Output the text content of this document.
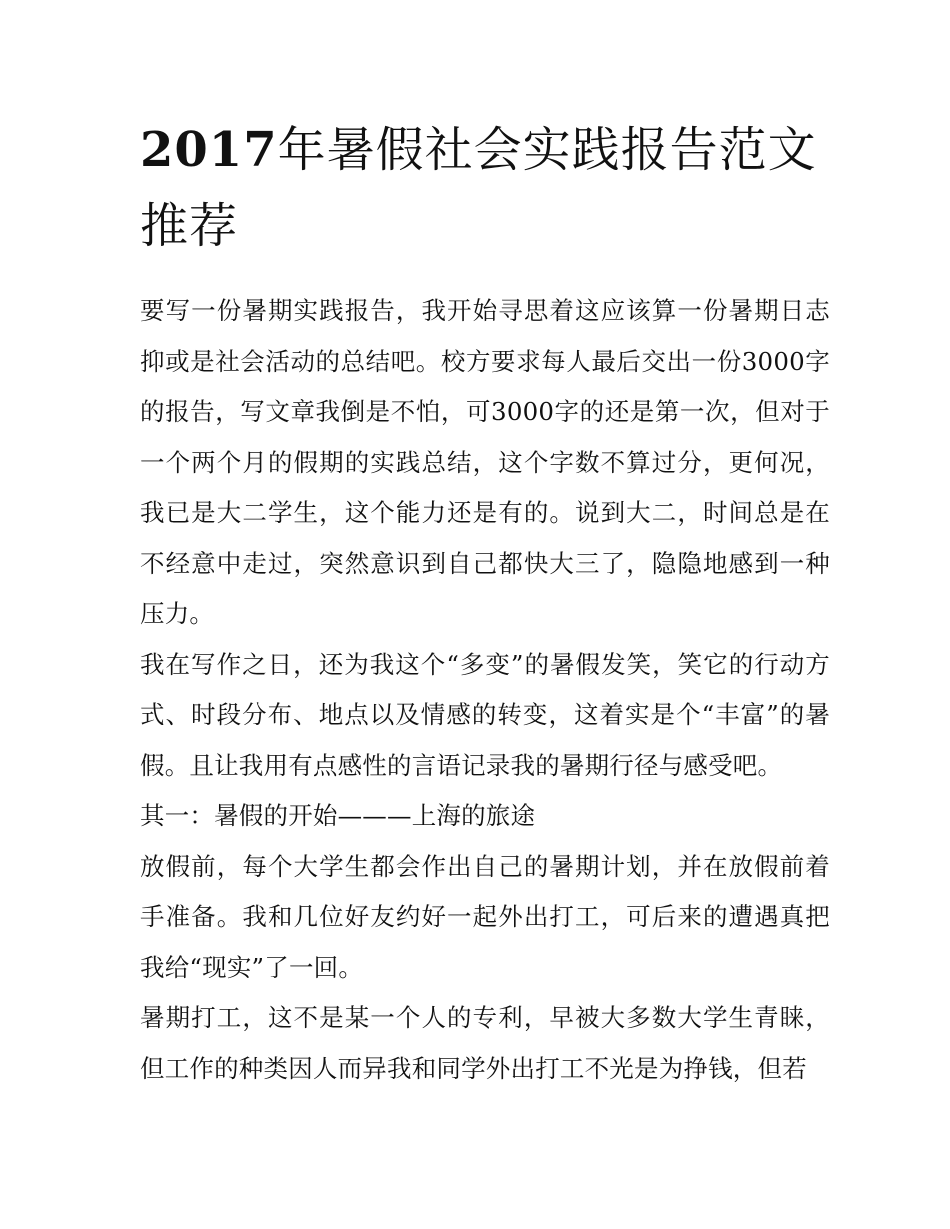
2017年暑假社会实践报告范文推荐

要写一份暑期实践报告，我开始寻思着这应该算一份暑期日志抑或是社会活动的总结吧。校方要求每人最后交出一份3000字的报告，写文章我倒是不怕，可3000字的还是第一次，但对于一个两个月的假期的实践总结，这个字数不算过分，更何况，我已是大二学生，这个能力还是有的。说到大二，时间总是在不经意中走过，突然意识到自己都快大三了，隐隐地感到一种压力。

我在写作之日，还为我这个“多变”的暑假发笑，笑它的行动方式、时段分布、地点以及情感的转变，这着实是个“丰富”的暑假。且让我用有点感性的言语记录我的暑期行径与感受吧。

其一：暑假的开始———上海的旅途

放假前，每个大学生都会作出自己的暑期计划，并在放假前着手准备。我和几位好友约好一起外出打工，可后来的遭遇真把我给“现实”了一回。

暑期打工，这不是某一个人的专利，早被大多数大学生青睐，但工作的种类因人而异我和同学外出打工不光是为挣钱，但若
